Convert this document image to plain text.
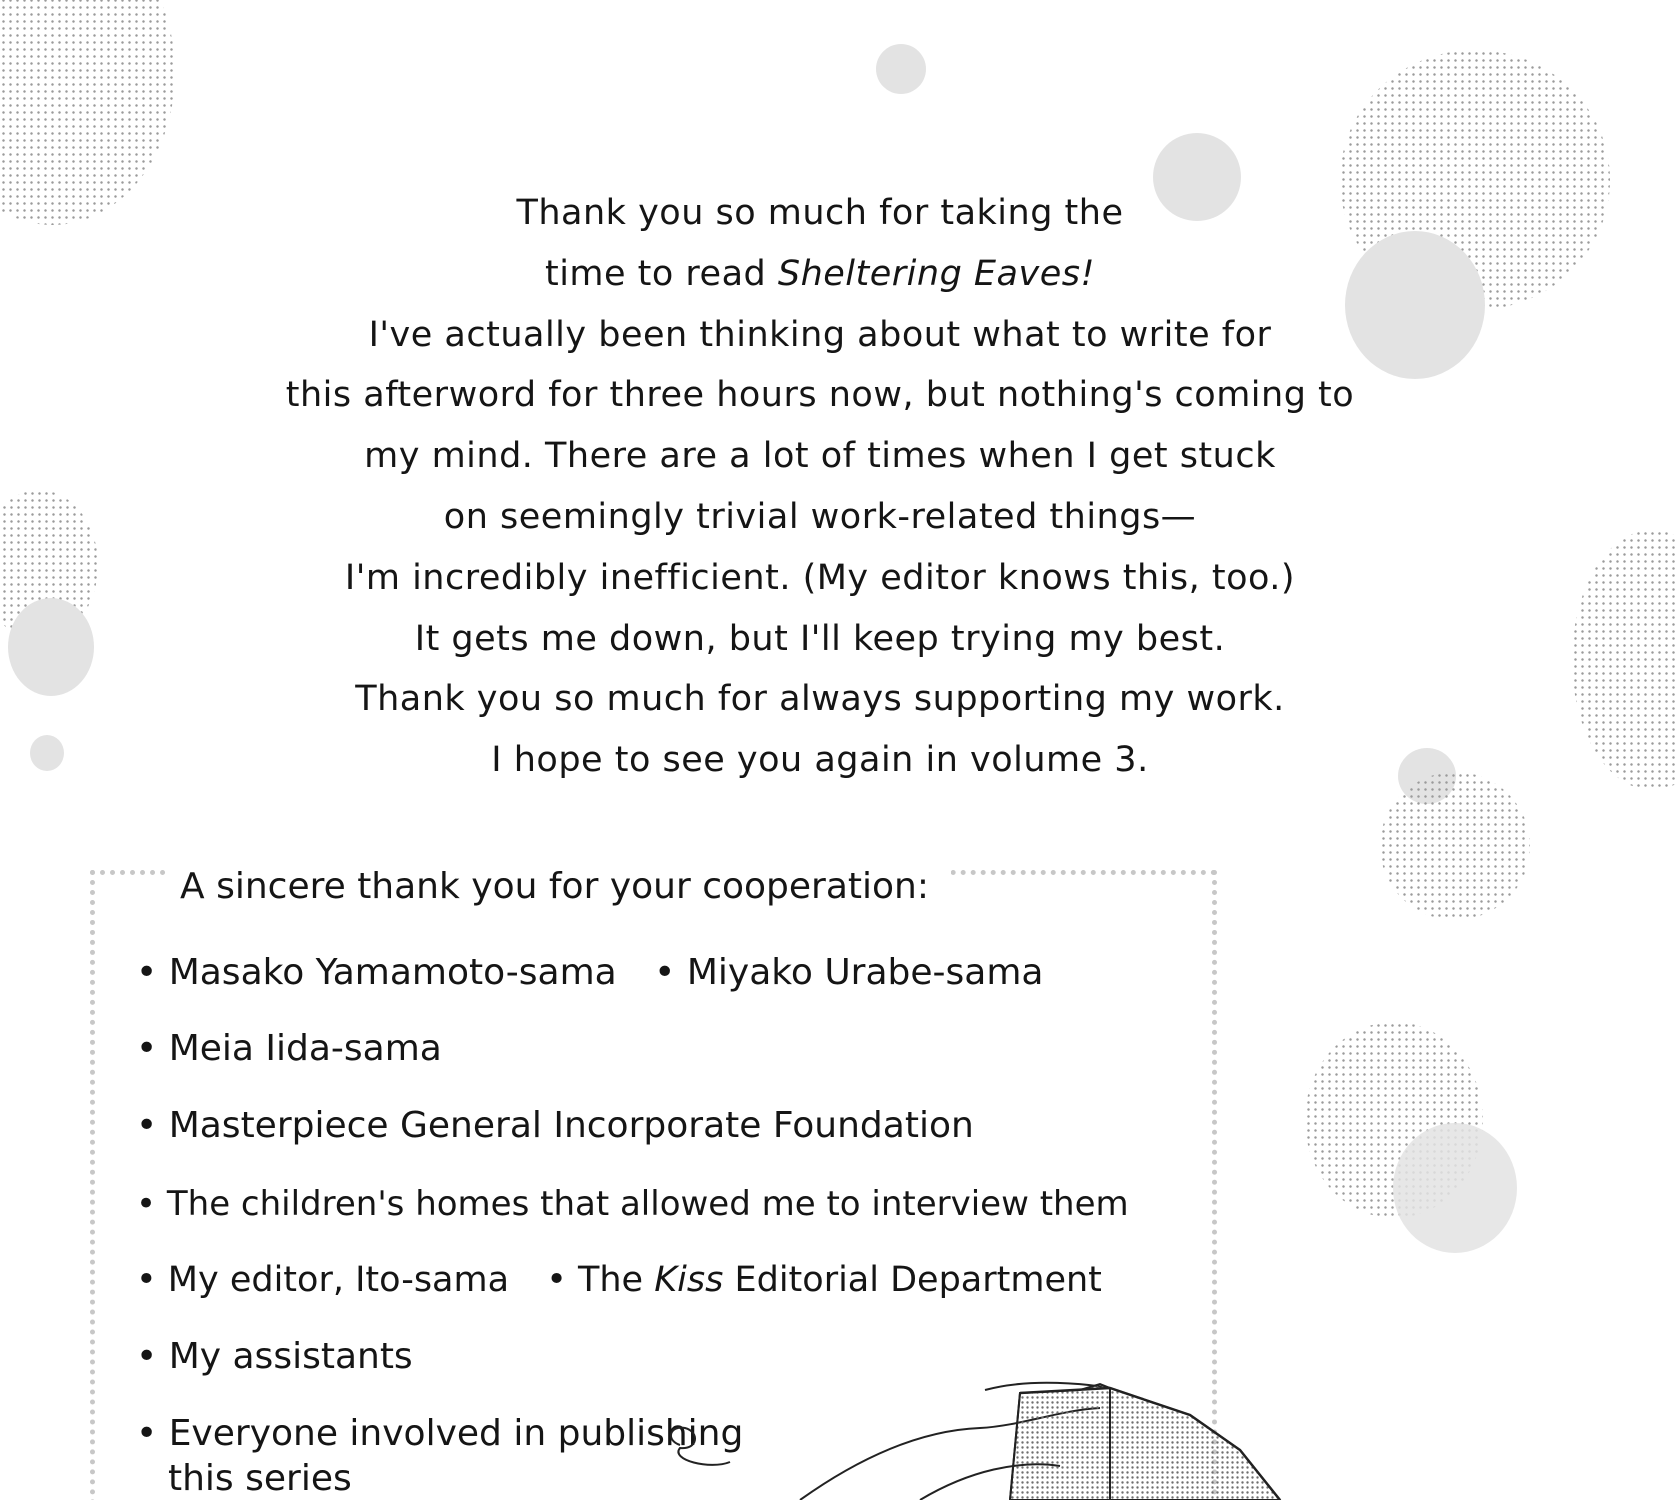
Thank you so much for taking the
time to read Sheltering Eaves!
I've actually been thinking about what to write for
this afterword for three hours now, but nothing's coming to
my mind. There are a lot of times when I get stuck
on seemingly trivial work-related things—
I'm incredibly inefficient. (My editor knows this, too.)
It gets me down, but I'll keep trying my best.
Thank you so much for always supporting my work.
I hope to see you again in volume 3.
A sincere thank you for your cooperation:
• Masako Yamamoto-sama • Miyako Urabe-sama
• Meia Iida-sama
• Masterpiece General Incorporate Foundation
• The children's homes that allowed me to interview them
• My editor, Ito-sama • The Kiss Editorial Department
• My assistants
• Everyone involved in publishing
this series
